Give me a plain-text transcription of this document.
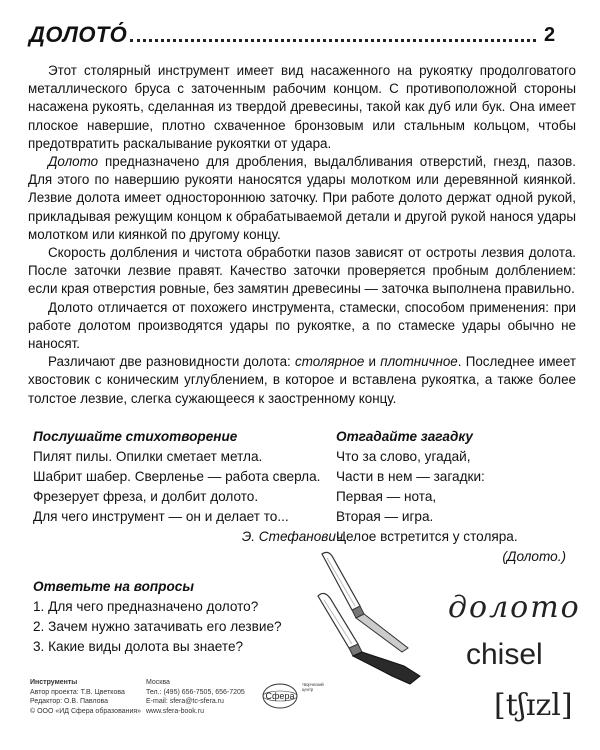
ДОЛОТО́	2

Этот столярный инструмент имеет вид насаженного на рукоятку продолговатого металлического бруса с заточенным рабочим концом. С противоположной стороны насажена рукоять, сделанная из твердой древесины, такой как дуб или бук. Она имеет плоское навершие, плотно схваченное бронзовым или стальным кольцом, чтобы предотвратить раскалывание рукоятки от удара.

Долото предназначено для дробления, выдалбливания отверстий, гнезд, пазов. Для этого по навершию рукояти наносятся удары молотком или деревянной киянкой. Лезвие долота имеет одностороннюю заточку. При работе долото держат одной рукой, прикладывая режущим концом к обрабатываемой детали и другой рукой нанося удары молотком или киянкой по другому концу.

Скорость долбления и чистота обработки пазов зависят от остроты лезвия долота. После заточки лезвие правят. Качество заточки проверяется пробным долблением: если края отверстия ровные, без замятин древесины — заточка выполнена правильно.

Долото отличается от похожего инструмента, стамески, способом применения: при работе долотом производятся удары по рукоятке, а по стамеске удары обычно не наносят.

Различают две разновидности долота: столярное и плотничное. Последнее имеет хвостовик с коническим углублением, в которое и вставлена рукоятка, а также более толстое лезвие, слегка сужающееся к заостренному концу.

Послушайте стихотворение
Пилят пилы. Опилки сметает метла.
Шабрит шабер. Сверленье — работа сверла.
Фрезерует фреза, и долбит долото.
Для чего инструмент — он и делает то...
Э. Стефанович
Отгадайте загадку
Что за слово, угадай,
Части в нем — загадки:
Первая — нота,
Вторая — игра.
Целое встретится у столяра.
(Долото.)
Ответьте на вопросы
1. Для чего предназначено долото?
2. Зачем нужно затачивать его лезвие?
3. Какие виды долота вы знаете?
долото
chisel
[tʃɪzl]
Инструменты
Автор проекта: Т.В. Цветкова
Редактор: О.В. Павлова
© ООО «ИД Сфера образования»
Москва
Тел.: (495) 656-7505, 656-7205
E-mail: sfera@tc-sfera.ru
www.sfera-book.ru
Сфера
творческий центр
